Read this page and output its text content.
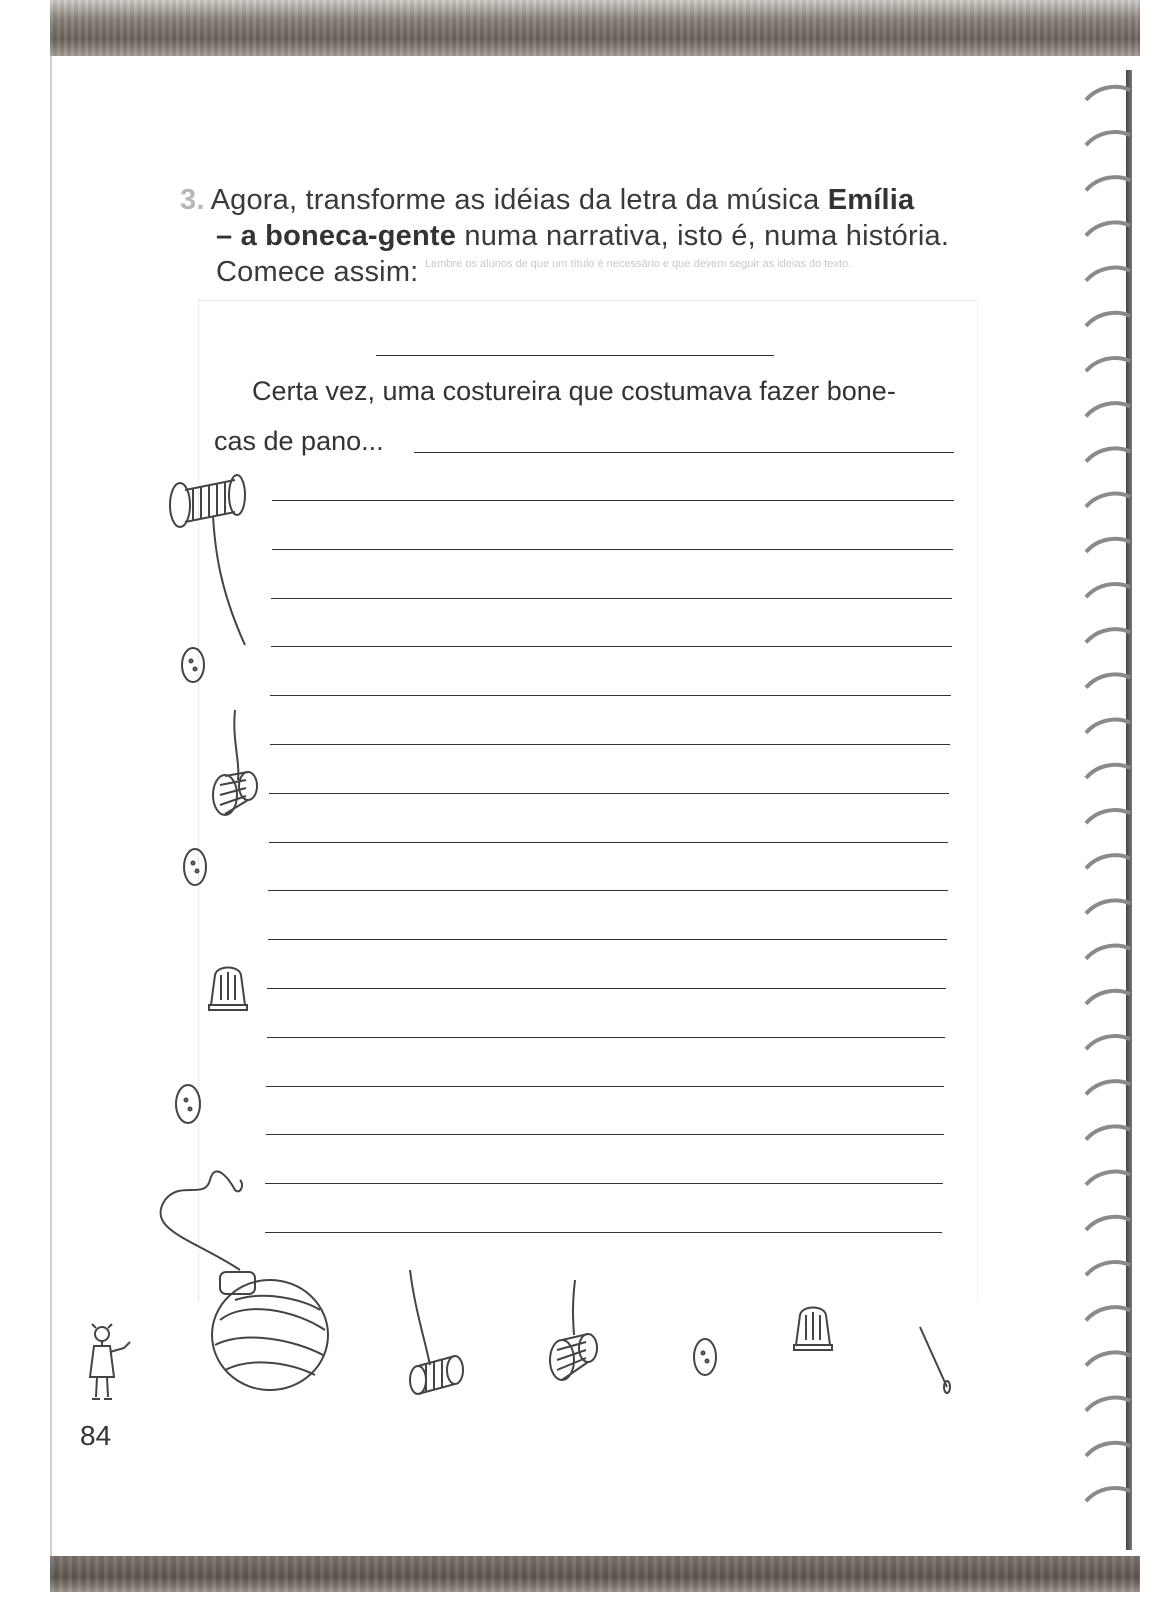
3. Agora, transforme as idéias da letra da música Emília
– a boneca-gente numa narrativa, isto é, numa história.
Comece assim: Lembre os alunos de que um título é necessário e que devem seguir as ideias do texto.
Certa vez, uma costureira que costumava fazer bone-
cas de pano...
84
